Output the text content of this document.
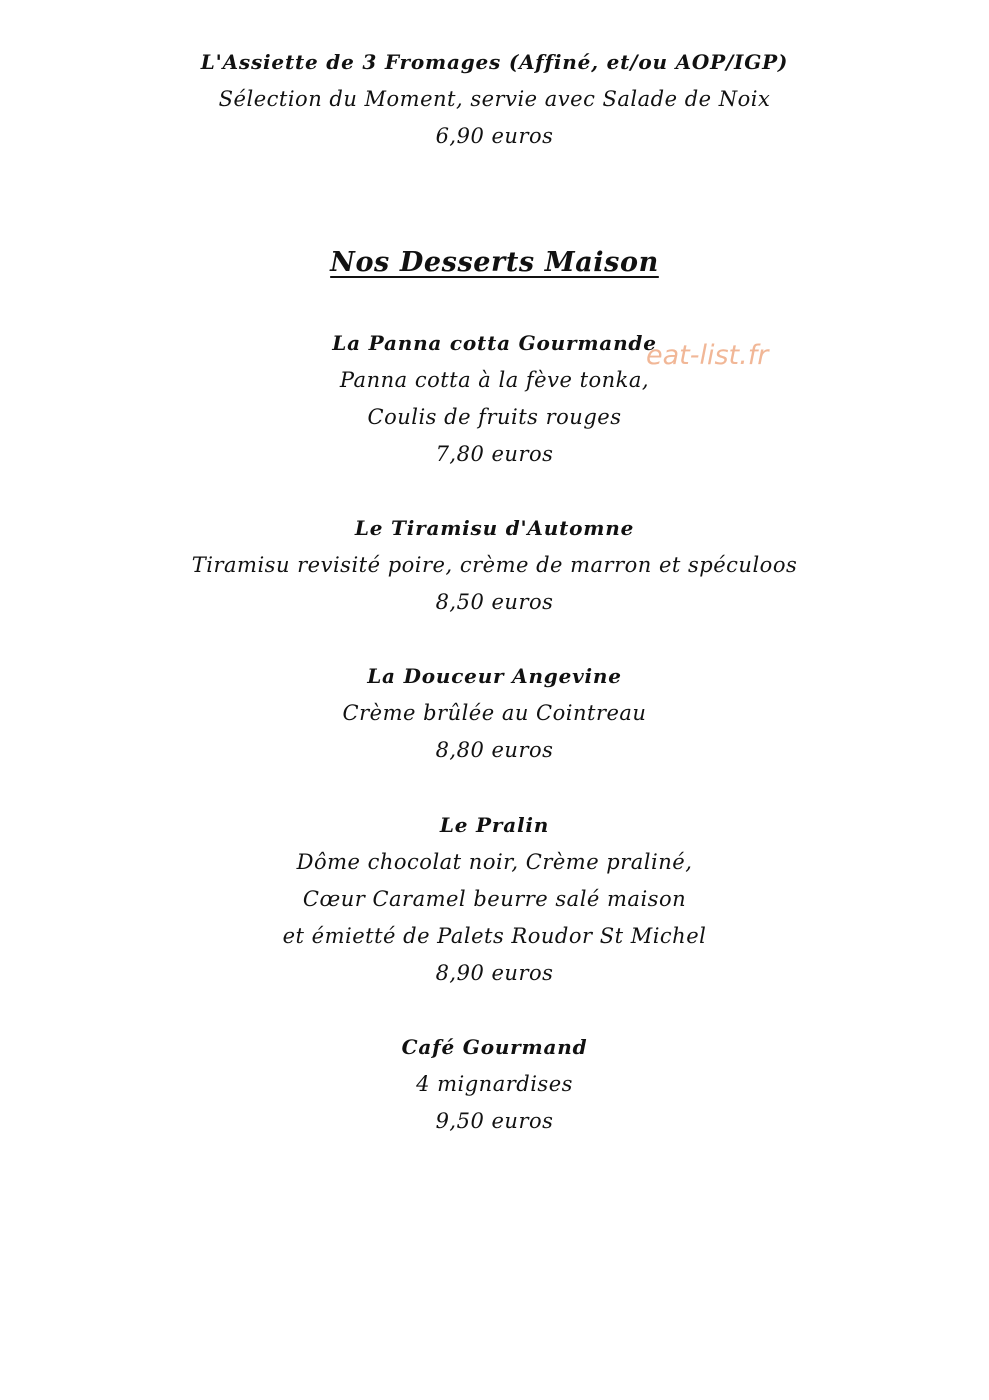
L'Assiette de 3 Fromages (Affiné, et/ou AOP/IGP)
Sélection du Moment, servie avec Salade de Noix
6,90 euros
Nos Desserts Maison
eat-list.fr
La Panna cotta Gourmande
Panna cotta à la fève tonka,
Coulis de fruits rouges
7,80 euros
Le Tiramisu d'Automne
Tiramisu revisité poire, crème de marron et spéculoos
8,50 euros
La Douceur Angevine
Crème brûlée au Cointreau
8,80 euros
Le Pralin
Dôme chocolat noir, Crème praliné,
Cœur Caramel beurre salé maison
et émietté de Palets Roudor St Michel
8,90 euros
Café Gourmand
4 mignardises
9,50 euros
